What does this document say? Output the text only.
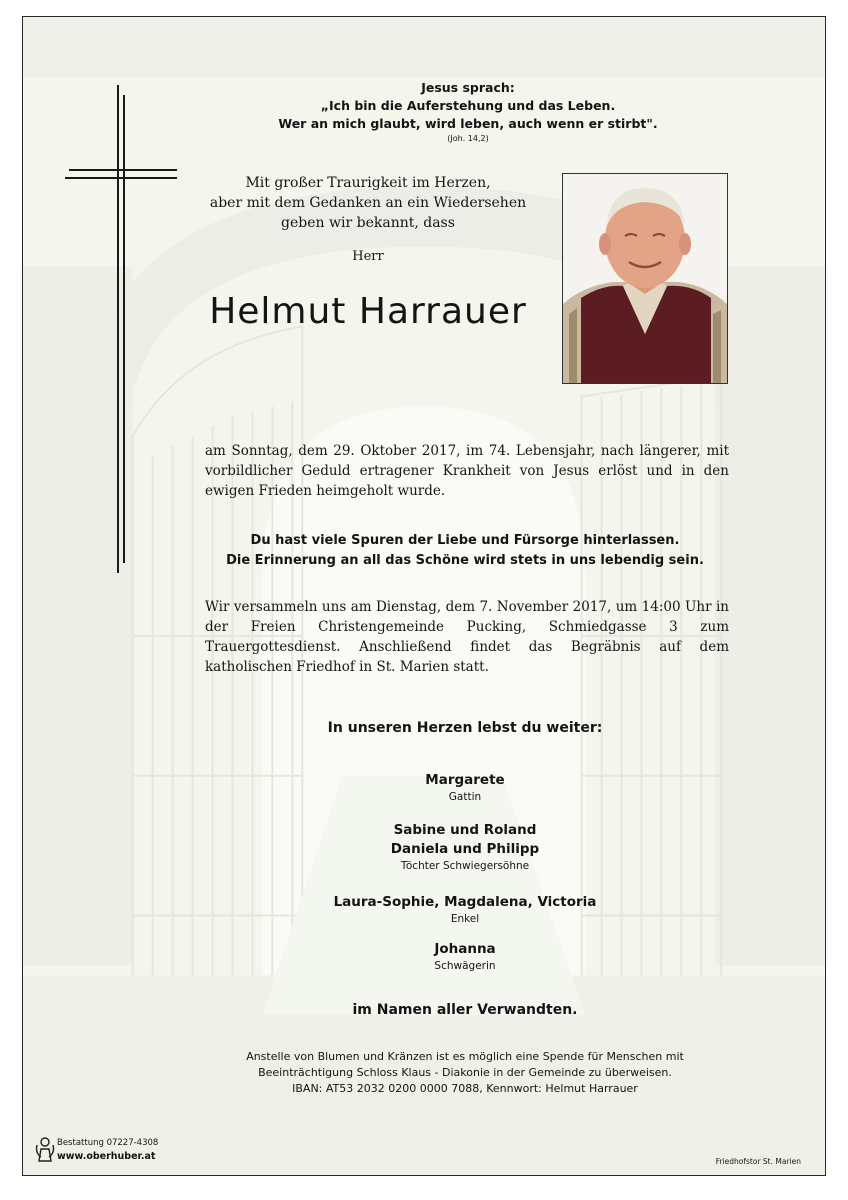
Jesus sprach:
„Ich bin die Auferstehung und das Leben.
Wer an mich glaubt, wird leben, auch wenn er stirbt".
(Joh. 14,2)
Mit großer Traurigkeit im Herzen,
aber mit dem Gedanken an ein Wiedersehen
geben wir bekannt, dass
Herr
Helmut Harrauer
am Sonntag, dem 29. Oktober 2017, im 74. Lebensjahr, nach längerer, mit vorbildlicher Geduld ertragener Krankheit von Jesus erlöst und in den ewigen Frieden heimgeholt wurde.
Du hast viele Spuren der Liebe und Fürsorge hinterlassen.
Die Erinnerung an all das Schöne wird stets in uns lebendig sein.
Wir versammeln uns am Dienstag, dem 7. November 2017, um 14:00 Uhr in der Freien Christengemeinde Pucking, Schmiedgasse 3 zum Trauergottesdienst. Anschließend findet das Begräbnis auf dem katholischen Friedhof in St. Marien statt.
In unseren Herzen lebst du weiter:
Margarete
Gattin
Sabine und Roland
Daniela und Philipp
Töchter Schwiegersöhne
Laura-Sophie, Magdalena, Victoria
Enkel
Johanna
Schwägerin
im Namen aller Verwandten.
Anstelle von Blumen und Kränzen ist es möglich eine Spende für Menschen mit
Beeinträchtigung Schloss Klaus - Diakonie in der Gemeinde zu überweisen.
IBAN: AT53 2032 0200 0000 7088, Kennwort: Helmut Harrauer
Bestattung 07227-4308
www.oberhuber.at	Friedhofstor St. Marien
